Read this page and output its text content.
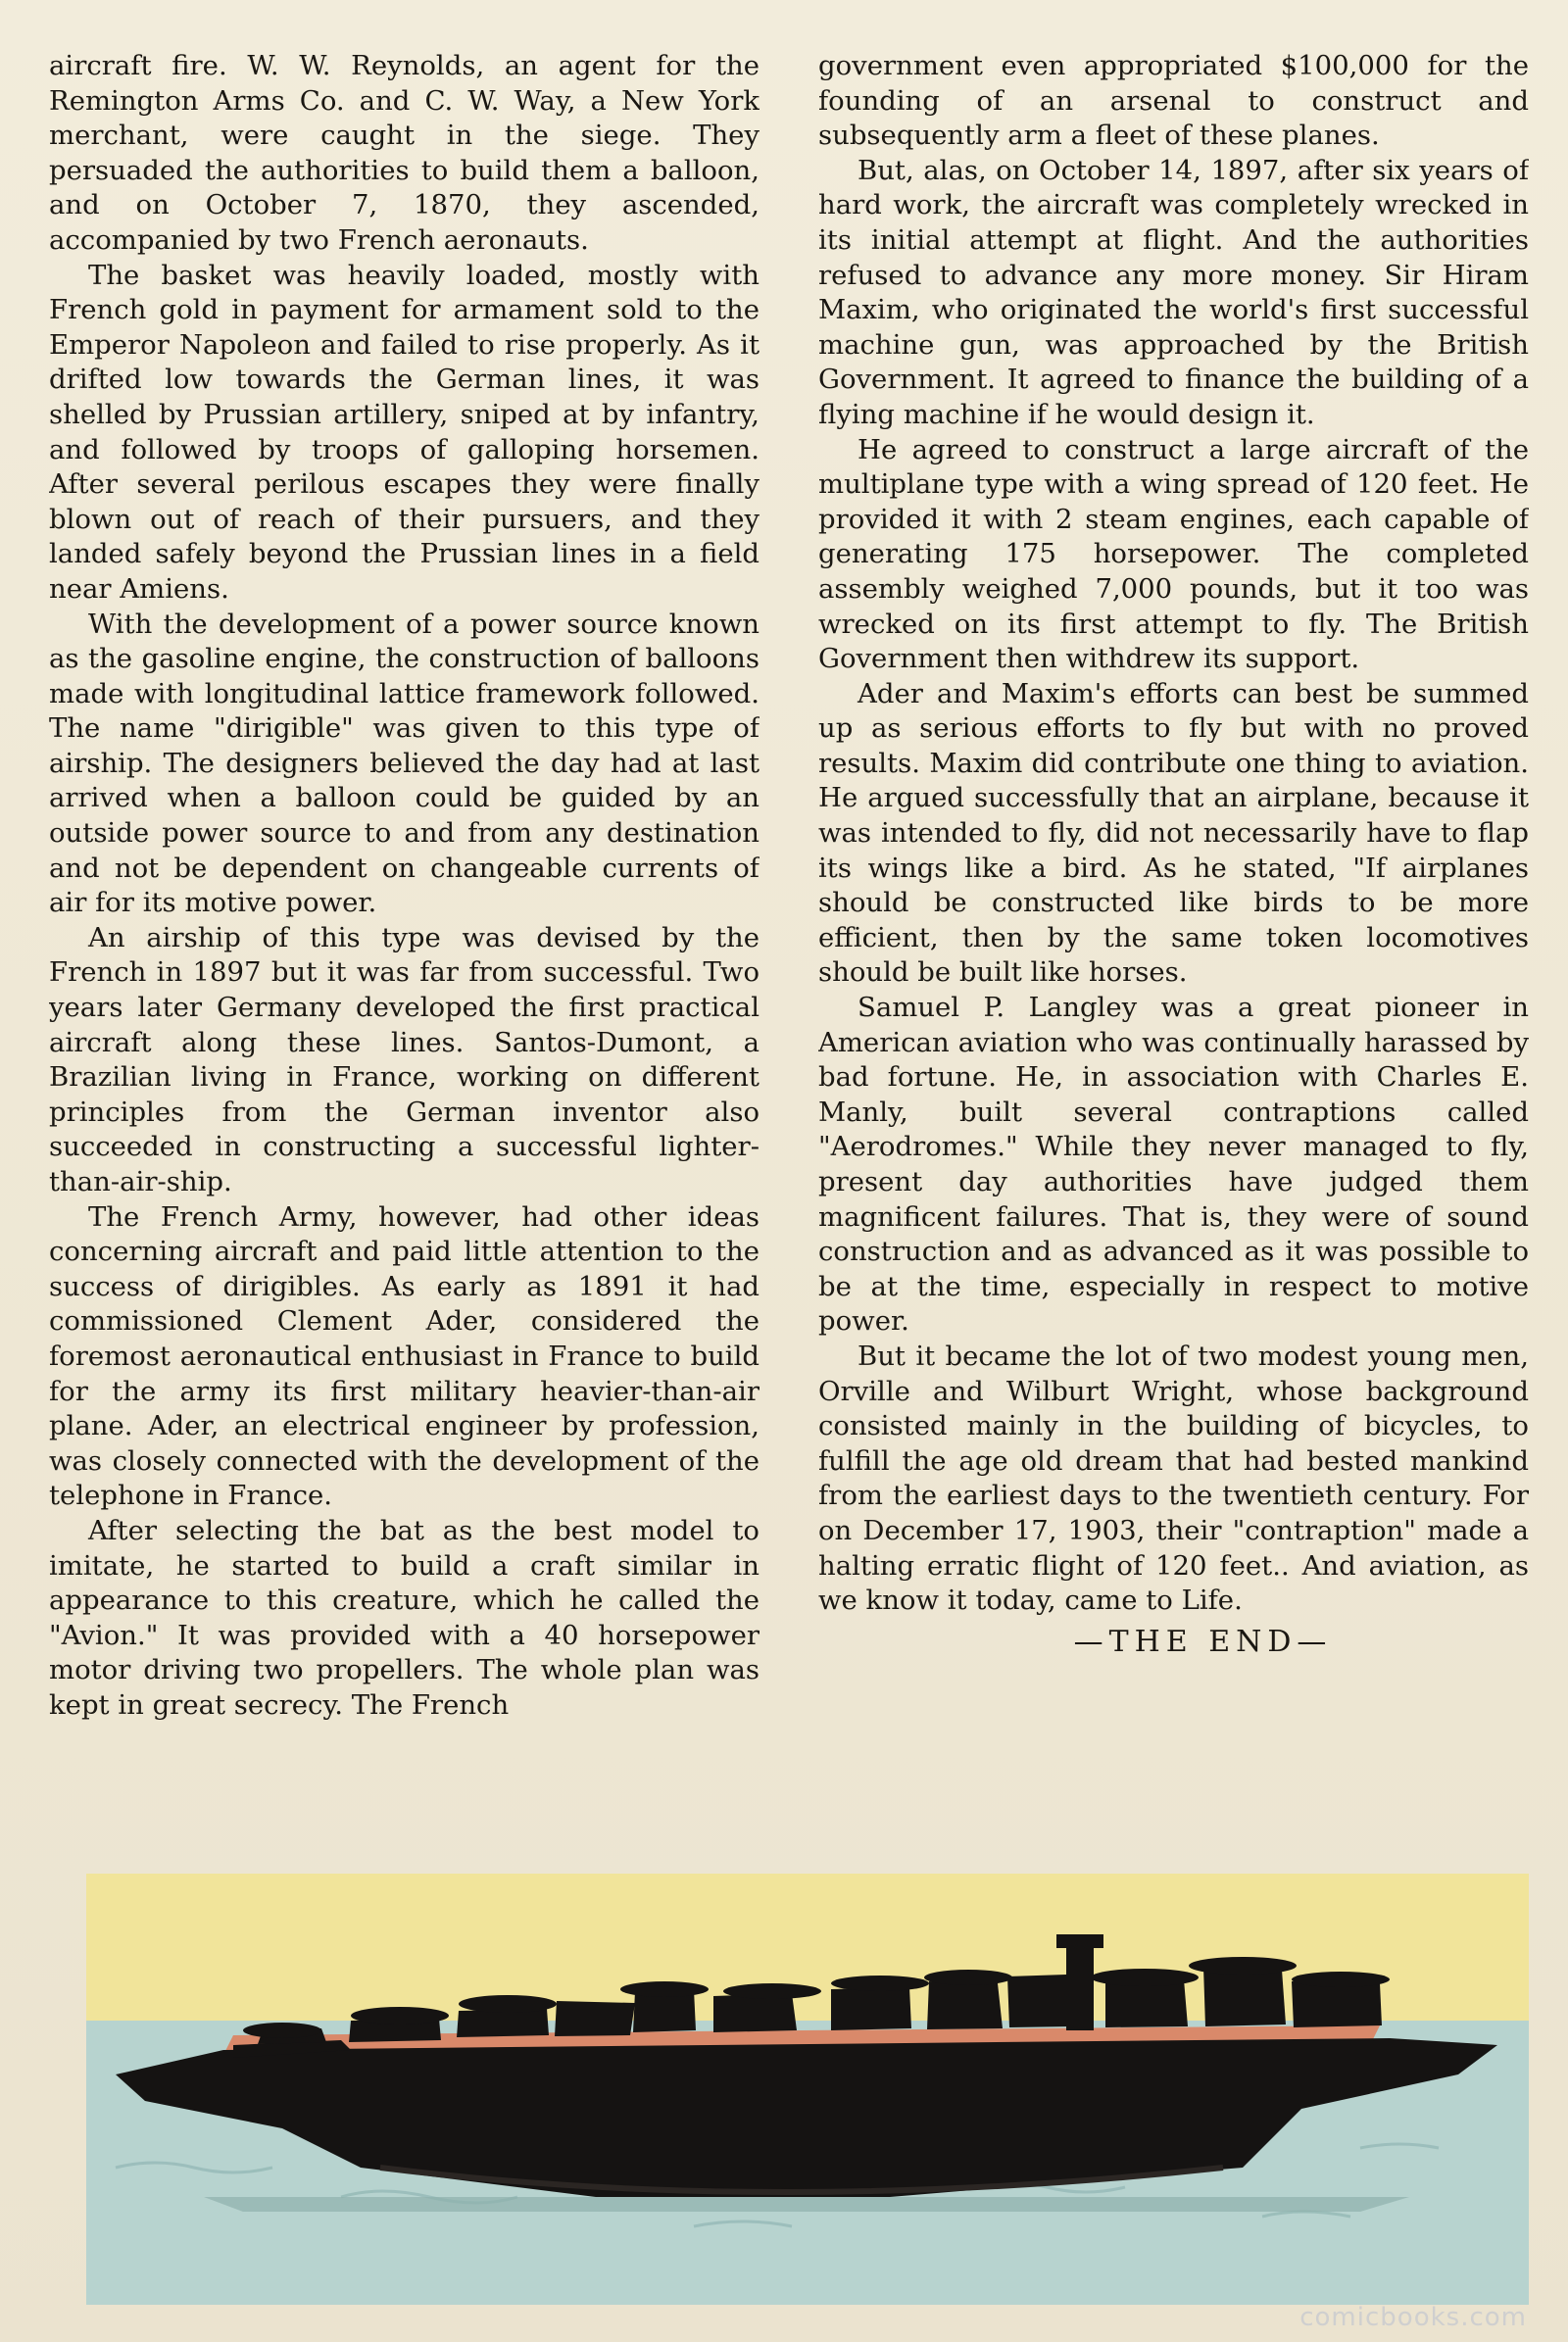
aircraft fire. W. W. Reynolds, an agent for the Remington Arms Co. and C. W. Way, a New York merchant, were caught in the siege. They persuaded the authorities to build them a balloon, and on October 7, 1870, they ascended, accompanied by two French aeronauts.

The basket was heavily loaded, mostly with French gold in payment for armament sold to the Emperor Napoleon and failed to rise properly. As it drifted low towards the German lines, it was shelled by Prussian artillery, sniped at by infantry, and followed by troops of galloping horsemen. After several perilous escapes they were finally blown out of reach of their pursuers, and they landed safely beyond the Prussian lines in a field near Amiens.

With the development of a power source known as the gasoline engine, the construction of balloons made with longitudinal lattice framework followed. The name "dirigible" was given to this type of airship. The designers believed the day had at last arrived when a balloon could be guided by an outside power source to and from any destination and not be dependent on changeable currents of air for its motive power.

An airship of this type was devised by the French in 1897 but it was far from successful. Two years later Germany developed the first practical aircraft along these lines. Santos-Dumont, a Brazilian living in France, working on different principles from the German inventor also succeeded in constructing a successful lighter-than-air-ship.

The French Army, however, had other ideas concerning aircraft and paid little attention to the success of dirigibles. As early as 1891 it had commissioned Clement Ader, considered the foremost aeronautical enthusiast in France to build for the army its first military heavier-than-air plane. Ader, an electrical engineer by profession, was closely connected with the development of the telephone in France.

After selecting the bat as the best model to imitate, he started to build a craft similar in appearance to this creature, which he called the "Avion." It was provided with a 40 horsepower motor driving two propellers. The whole plan was kept in great secrecy. The French

government even appropriated $100,000 for the founding of an arsenal to construct and subsequently arm a fleet of these planes.

But, alas, on October 14, 1897, after six years of hard work, the aircraft was completely wrecked in its initial attempt at flight. And the authorities refused to advance any more money. Sir Hiram Maxim, who originated the world's first successful machine gun, was approached by the British Government. It agreed to finance the building of a flying machine if he would design it.

He agreed to construct a large aircraft of the multiplane type with a wing spread of 120 feet. He provided it with 2 steam engines, each capable of generating 175 horsepower. The completed assembly weighed 7,000 pounds, but it too was wrecked on its first attempt to fly. The British Government then withdrew its support.

Ader and Maxim's efforts can best be summed up as serious efforts to fly but with no proved results. Maxim did contribute one thing to aviation. He argued successfully that an airplane, because it was intended to fly, did not necessarily have to flap its wings like a bird. As he stated, "If airplanes should be constructed like birds to be more efficient, then by the same token locomotives should be built like horses.

Samuel P. Langley was a great pioneer in American aviation who was continually harassed by bad fortune. He, in association with Charles E. Manly, built several contraptions called "Aerodromes." While they never managed to fly, present day authorities have judged them magnificent failures. That is, they were of sound construction and as advanced as it was possible to be at the time, especially in respect to motive power.

But it became the lot of two modest young men, Orville and Wilburt Wright, whose background consisted mainly in the building of bicycles, to fulfill the age old dream that had bested mankind from the earliest days to the twentieth century. For on December 17, 1903, their "contraption" made a halting erratic flight of 120 feet.. And aviation, as we know it today, came to Life.

—THE END—
comicbooks.com
